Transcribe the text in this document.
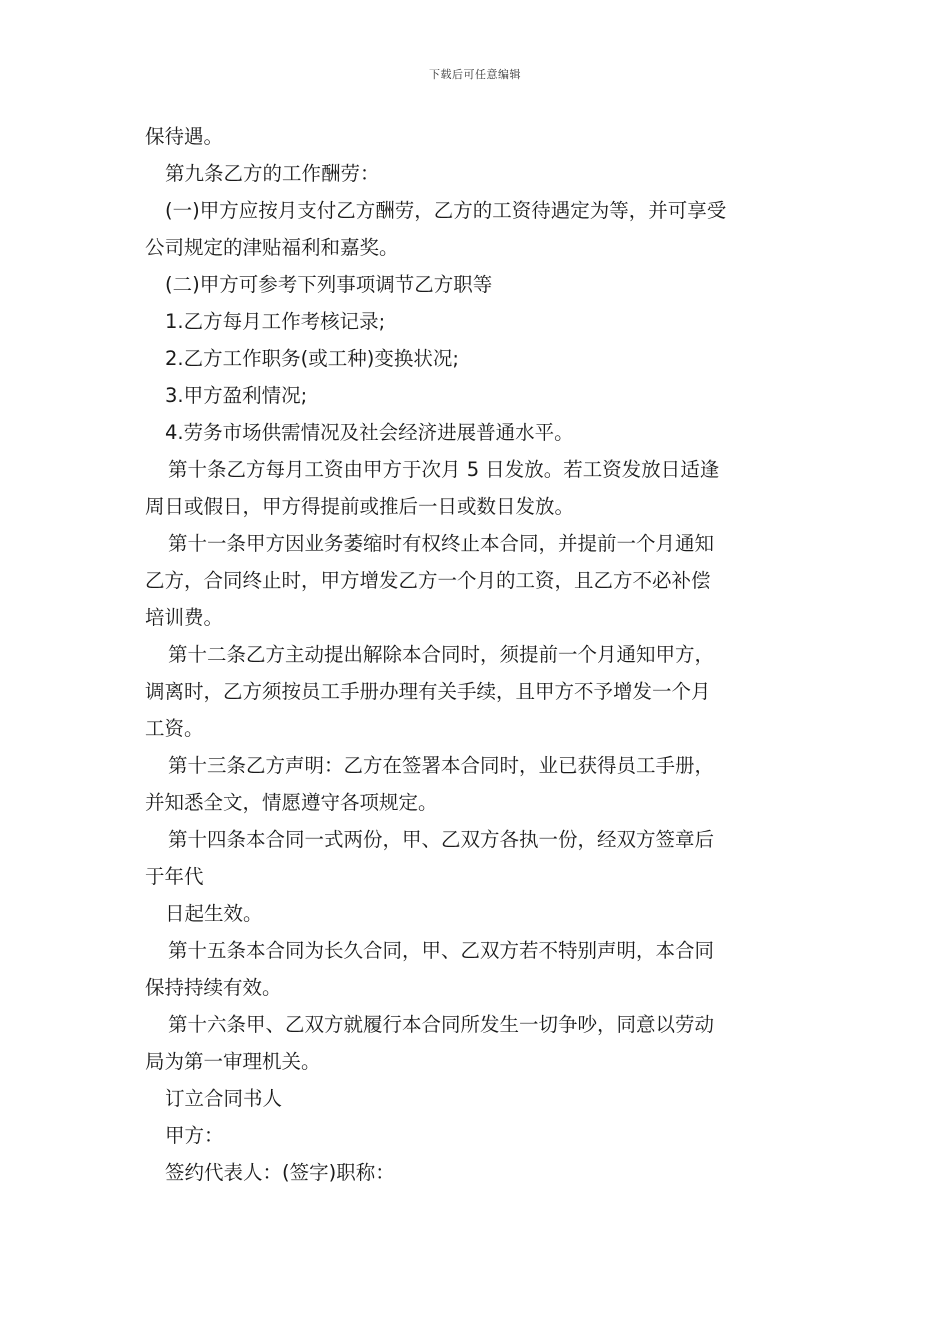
下载后可任意编辑
保待遇。
第九条乙方的工作酬劳：
(一)甲方应按月支付乙方酬劳，乙方的工资待遇定为等，并可享受
公司规定的津贴福利和嘉奖。
(二)甲方可参考下列事项调节乙方职等
1.乙方每月工作考核记录;
2.乙方工作职务(或工种)变换状况;
3.甲方盈利情况;
4.劳务市场供需情况及社会经济进展普通水平。
第十条乙方每月工资由甲方于次月 5 日发放。若工资发放日适逢
周日或假日，甲方得提前或推后一日或数日发放。
第十一条甲方因业务萎缩时有权终止本合同，并提前一个月通知
乙方，合同终止时，甲方增发乙方一个月的工资，且乙方不必补偿
培训费。
第十二条乙方主动提出解除本合同时，须提前一个月通知甲方，
调离时，乙方须按员工手册办理有关手续，且甲方不予增发一个月
工资。
第十三条乙方声明：乙方在签署本合同时，业已获得员工手册，
并知悉全文，情愿遵守各项规定。
第十四条本合同一式两份，甲、乙双方各执一份，经双方签章后
于年代
日起生效。
第十五条本合同为长久合同，甲、乙双方若不特别声明，本合同
保持持续有效。
第十六条甲、乙双方就履行本合同所发生一切争吵，同意以劳动
局为第一审理机关。
订立合同书人
甲方：
签约代表人：(签字)职称：
